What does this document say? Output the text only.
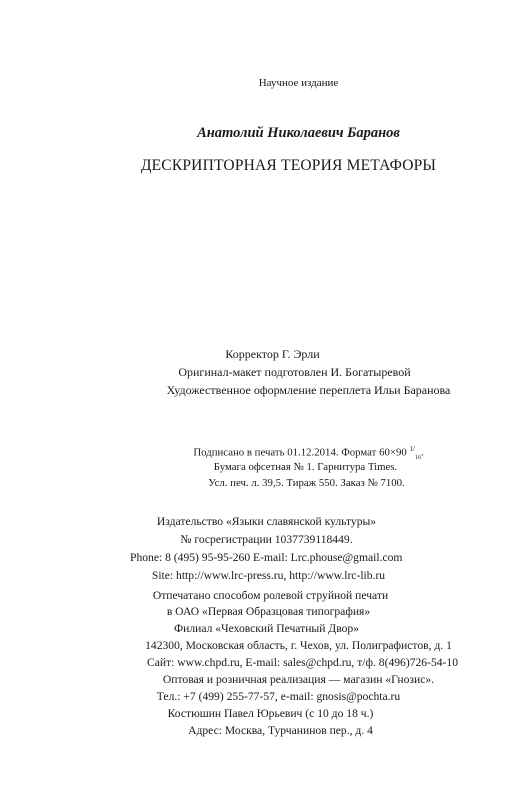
Научное издание
Анатолий Николаевич Баранов
ДЕСКРИПТОРНАЯ ТЕОРИЯ МЕТАФОРЫ
Корректор Г. Эрли
Оригинал-макет подготовлен И. Богатыревой
Художественное оформление переплета Ильи Баранова
Подписано в печать 01.12.2014. Формат 60×90 $^{1/}_{16}$.
Бумага офсетная № 1. Гарнитура Times.
Усл. печ. л. 39,5. Тираж 550. Заказ № 7100.
Издательство «Языки славянской культуры»
№ госрегистрации 1037739118449.
Phone: 8 (495) 95-95-260 E-mail: Lrc.phouse@gmail.com
Site: http://www.lrc-press.ru, http://www.lrc-lib.ru
Отпечатано способом ролевой струйной печати
в ОАО «Первая Образцовая типография»
Филиал «Чеховский Печатный Двор»
142300, Московская область, г. Чехов, ул. Полиграфистов, д. 1
Сайт: www.chpd.ru, E-mail: sales@chpd.ru, т/ф. 8(496)726-54-10
Оптовая и розничная реализация — магазин «Гнозис».
Тел.: +7 (499) 255-77-57, e-mail: gnosis@pochta.ru
Костюшин Павел Юрьевич (с 10 до 18 ч.)
Адрес: Москва, Турчанинов пер., д. 4
